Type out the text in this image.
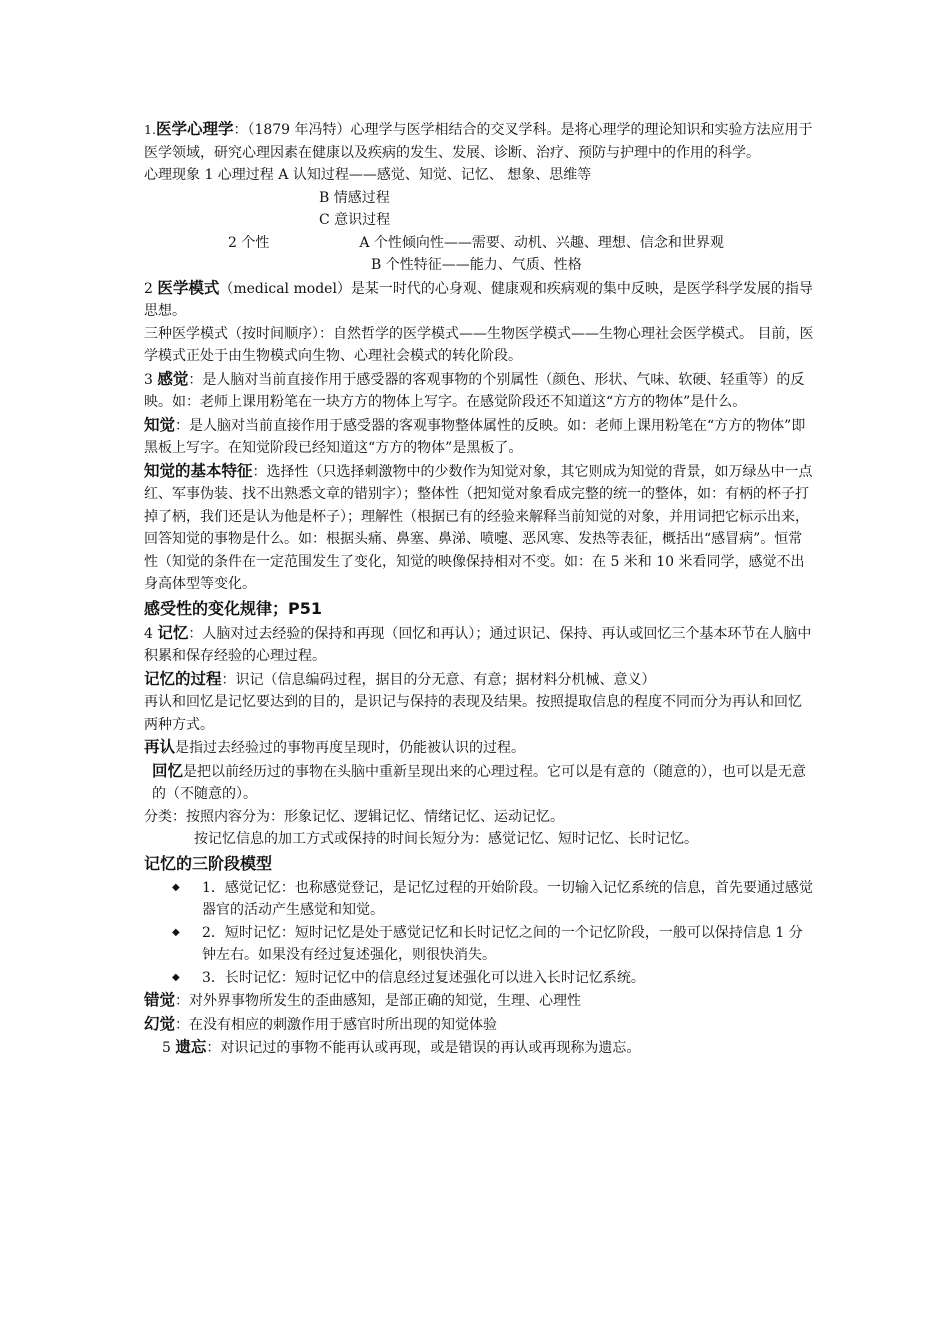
1.医学心理学：（1879 年冯特）心理学与医学相结合的交叉学科。是将心理学的理论知识和实验方法应用于医学领域，研究心理因素在健康以及疾病的发生、发展、诊断、治疗、预防与护理中的作用的科学。

心理现象 1 心理过程 A 认知过程——感觉、知觉、记忆、 想象、思维等

B 情感过程

C 意识过程

2 个性	A 个性倾向性——需要、动机、兴趣、理想、信念和世界观

B 个性特征——能力、气质、性格

2 医学模式（medical model）是某一时代的心身观、健康观和疾病观的集中反映，是医学科学发展的指导思想。

三种医学模式（按时间顺序）：自然哲学的医学模式——生物医学模式——生物心理社会医学模式。 目前，医学模式正处于由生物模式向生物、心理社会模式的转化阶段。

3 感觉：是人脑对当前直接作用于感受器的客观事物的个别属性（颜色、形状、气味、软硬、轻重等）的反映。如：老师上课用粉笔在一块方方的物体上写字。在感觉阶段还不知道这“方方的物体”是什么。

知觉：是人脑对当前直接作用于感受器的客观事物整体属性的反映。如：老师上课用粉笔在“方方的物体”即黑板上写字。在知觉阶段已经知道这“方方的物体”是黑板了。

知觉的基本特征：选择性（只选择刺激物中的少数作为知觉对象，其它则成为知觉的背景，如万绿丛中一点红、军事伪装、找不出熟悉文章的错别字）；整体性（把知觉对象看成完整的统一的整体，如：有柄的杯子打掉了柄，我们还是认为他是杯子）；理解性（根据已有的经验来解释当前知觉的对象，并用词把它标示出来，回答知觉的事物是什么。如：根据头痛、鼻塞、鼻涕、喷嚏、恶风寒、发热等表征，概括出“感冒病”。恒常性（知觉的条件在一定范围发生了变化，知觉的映像保持相对不变。如：在 5 米和 10 米看同学，感觉不出身高体型等变化。

感受性的变化规律；P51

4 记忆：人脑对过去经验的保持和再现（回忆和再认）；通过识记、保持、再认或回忆三个基本环节在人脑中积累和保存经验的心理过程。

记忆的过程：识记（信息编码过程，据目的分无意、有意；据材料分机械、意义）

再认和回忆是记忆要达到的目的，是识记与保持的表现及结果。按照提取信息的程度不同而分为再认和回忆两种方式。

再认是指过去经验过的事物再度呈现时，仍能被认识的过程。

回忆是把以前经历过的事物在头脑中重新呈现出来的心理过程。它可以是有意的（随意的），也可以是无意的（不随意的）。

分类：按照内容分为：形象记忆、逻辑记忆、情绪记忆、运动记忆。

按记忆信息的加工方式或保持的时间长短分为：感觉记忆、短时记忆、长时记忆。

记忆的三阶段模型

◆ 1．感觉记忆：也称感觉登记，是记忆过程的开始阶段。一切输入记忆系统的信息，首先要通过感觉器官的活动产生感觉和知觉。
◆ 2．短时记忆：短时记忆是处于感觉记忆和长时记忆之间的一个记忆阶段，一般可以保持信息 1 分钟左右。如果没有经过复述强化，则很快消失。
◆ 3．长时记忆：短时记忆中的信息经过复述强化可以进入长时记忆系统。

错觉：对外界事物所发生的歪曲感知，是部正确的知觉，生理、心理性

幻觉：在没有相应的刺激作用于感官时所出现的知觉体验

5 遗忘：对识记过的事物不能再认或再现，或是错误的再认或再现称为遗忘。
